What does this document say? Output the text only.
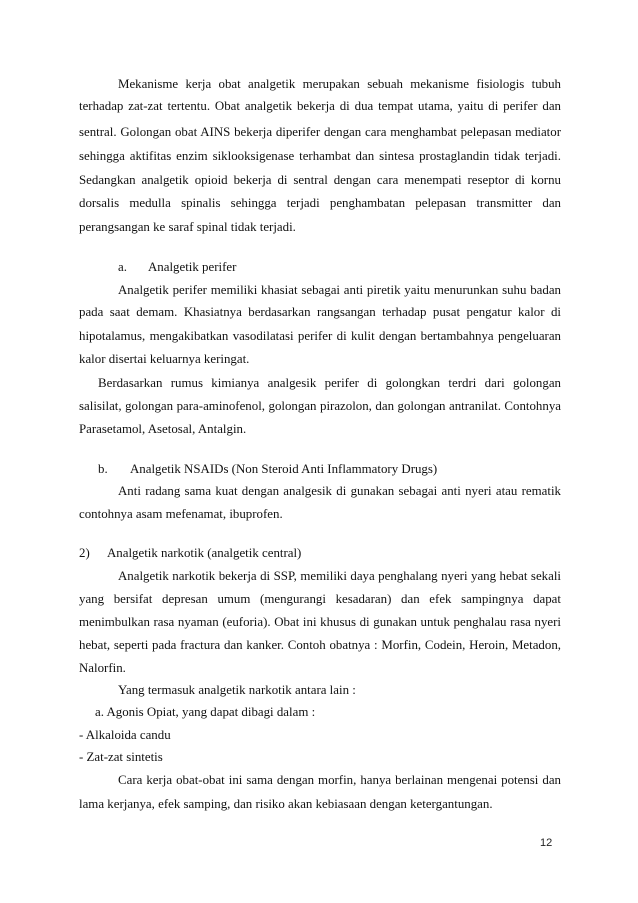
Mekanisme kerja obat analgetik merupakan sebuah mekanisme fisiologis tubuh
terhadap zat-zat tertentu. Obat analgetik bekerja di dua tempat utama, yaitu di perifer dan
sentral. Golongan obat AINS bekerja diperifer dengan cara menghambat pelepasan mediator
sehingga aktifitas enzim siklooksigenase terhambat dan sintesa prostaglandin tidak terjadi.
Sedangkan analgetik opioid bekerja di sentral dengan cara menempati reseptor di kornu
dorsalis medulla spinalis sehingga terjadi penghambatan pelepasan transmitter dan
perangsangan ke saraf spinal tidak terjadi.
a. Analgetik perifer
Analgetik perifer memiliki khasiat sebagai anti piretik yaitu menurunkan suhu badan
pada saat demam. Khasiatnya berdasarkan rangsangan terhadap pusat pengatur kalor di
hipotalamus, mengakibatkan vasodilatasi perifer di kulit dengan bertambahnya pengeluaran
kalor disertai keluarnya keringat.
Berdasarkan rumus kimianya analgesik perifer di golongkan terdri dari golongan
salisilat, golongan para-aminofenol, golongan pirazolon, dan golongan antranilat. Contohnya
Parasetamol, Asetosal, Antalgin.
b. Analgetik NSAIDs (Non Steroid Anti Inflammatory Drugs)
Anti radang sama kuat dengan analgesik di gunakan sebagai anti nyeri atau rematik
contohnya asam mefenamat, ibuprofen.
2) Analgetik narkotik (analgetik central)
Analgetik narkotik bekerja di SSP, memiliki daya penghalang nyeri yang hebat sekali
yang bersifat depresan umum (mengurangi kesadaran) dan efek sampingnya dapat
menimbulkan rasa nyaman (euforia). Obat ini khusus di gunakan untuk penghalau rasa nyeri
hebat, seperti pada fractura dan kanker. Contoh obatnya : Morfin, Codein, Heroin, Metadon,
Nalorfin.
Yang termasuk analgetik narkotik antara lain :
a. Agonis Opiat, yang dapat dibagi dalam :
- Alkaloida candu
- Zat-zat sintetis
Cara kerja obat-obat ini sama dengan morfin, hanya berlainan mengenai potensi dan
lama kerjanya, efek samping, dan risiko akan kebiasaan dengan ketergantungan.
12
